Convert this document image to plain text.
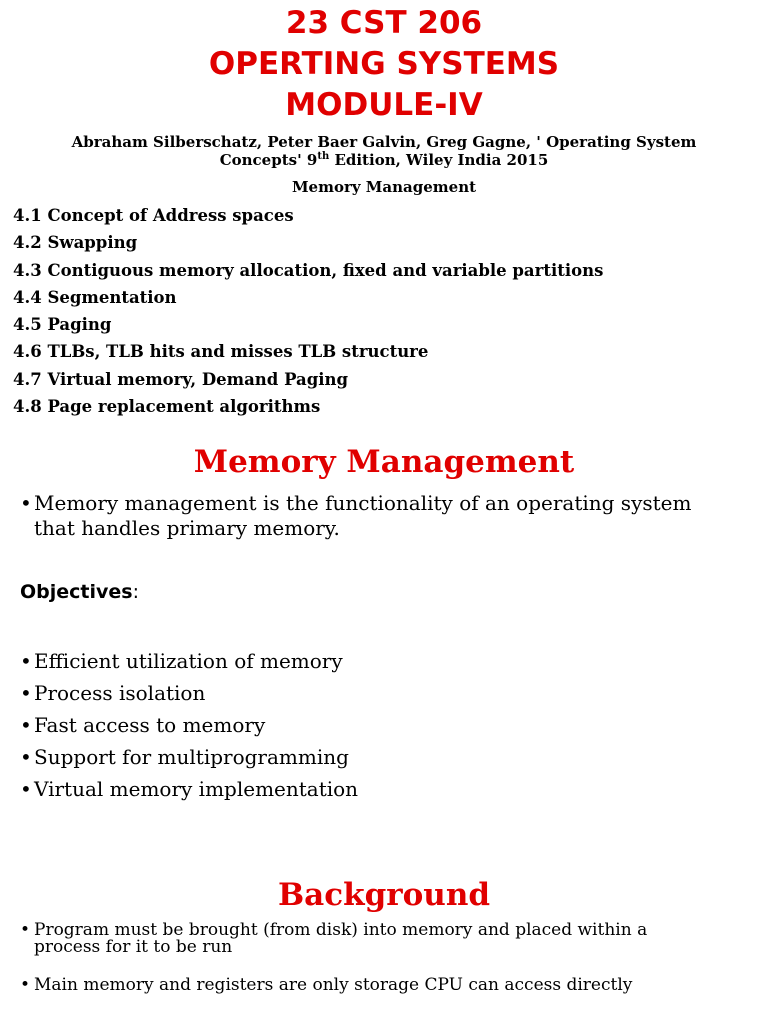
23 CST 206
OPERTING SYSTEMS
MODULE-IV
Abraham Silberschatz, Peter Baer Galvin, Greg Gagne, ' Operating System
Concepts' 9th Edition, Wiley India 2015
Memory Management
4.1 Concept of Address spaces
4.2 Swapping
4.3 Contiguous memory allocation, fixed and variable partitions
4.4 Segmentation
4.5 Paging
4.6 TLBs, TLB hits and misses TLB structure
4.7 Virtual memory, Demand Paging
4.8 Page replacement algorithms
Memory Management
• Memory management is the functionality of an operating system
that handles primary memory.
Objectives:
• Efficient utilization of memory
• Process isolation
• Fast access to memory
• Support for multiprogramming
• Virtual memory implementation
Background
• Program must be brought (from disk) into memory and placed within a
process for it to be run
• Main memory and registers are only storage CPU can access directly
